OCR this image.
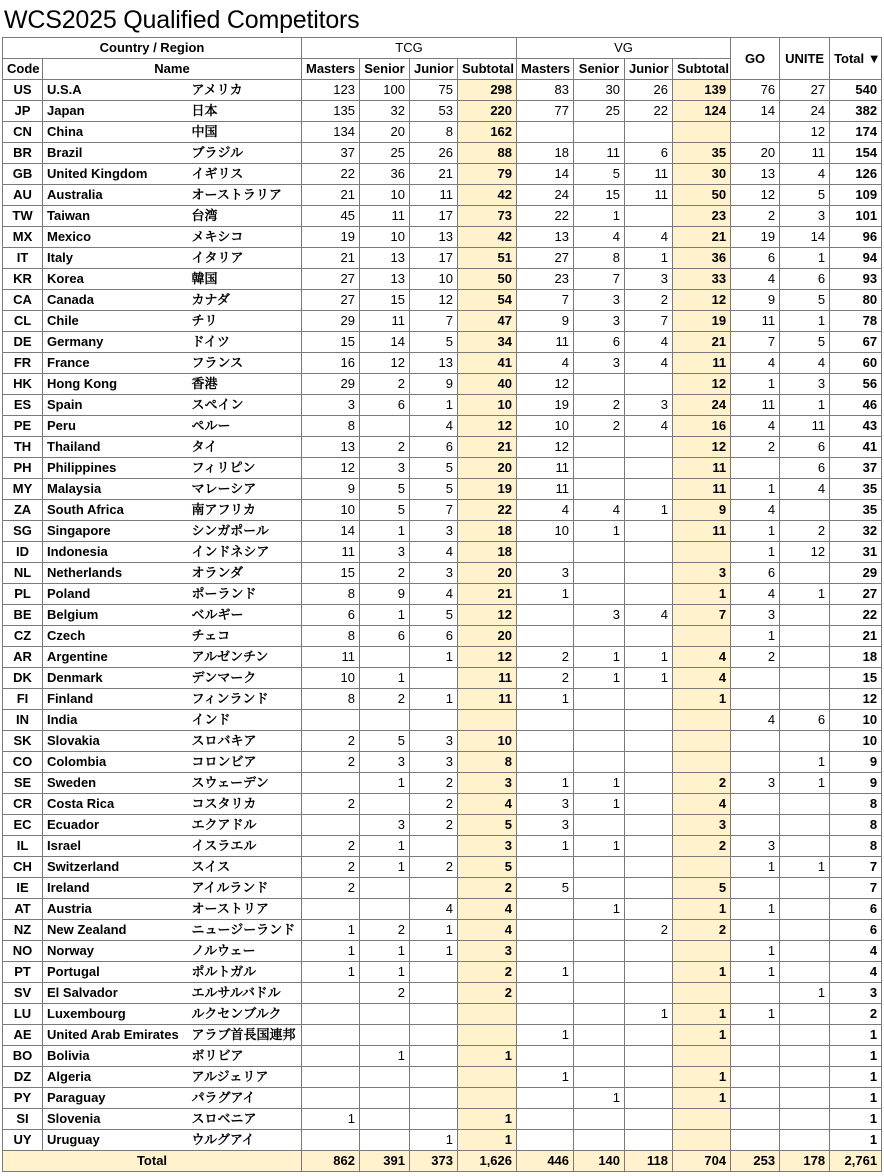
WCS2025 Qualified Competitors
Country / Region			TCG				VG				GO	UNITE	Total ▼
Code	Name		Masters	Senior	Junior	Subtotal	Masters	Senior	Junior	Subtotal			
US	U.S.A	アメリカ	123	100	75	298	83	30	26	139	76	27	540
JP	Japan	日本	135	32	53	220	77	25	22	124	14	24	382
CN	China	中国	134	20	8	162						12	174
BR	Brazil	ブラジル	37	25	26	88	18	11	6	35	20	11	154
GB	United Kingdom	イギリス	22	36	21	79	14	5	11	30	13	4	126
AU	Australia	オーストラリア	21	10	11	42	24	15	11	50	12	5	109
TW	Taiwan	台湾	45	11	17	73	22	1		23	2	3	101
MX	Mexico	メキシコ	19	10	13	42	13	4	4	21	19	14	96
IT	Italy	イタリア	21	13	17	51	27	8	1	36	6	1	94
KR	Korea	韓国	27	13	10	50	23	7	3	33	4	6	93
CA	Canada	カナダ	27	15	12	54	7	3	2	12	9	5	80
CL	Chile	チリ	29	11	7	47	9	3	7	19	11	1	78
DE	Germany	ドイツ	15	14	5	34	11	6	4	21	7	5	67
FR	France	フランス	16	12	13	41	4	3	4	11	4	4	60
HK	Hong Kong	香港	29	2	9	40	12			12	1	3	56
ES	Spain	スペイン	3	6	1	10	19	2	3	24	11	1	46
PE	Peru	ペルー	8		4	12	10	2	4	16	4	11	43
TH	Thailand	タイ	13	2	6	21	12			12	2	6	41
PH	Philippines	フィリピン	12	3	5	20	11			11		6	37
MY	Malaysia	マレーシア	9	5	5	19	11			11	1	4	35
ZA	South Africa	南アフリカ	10	5	7	22	4	4	1	9	4		35
SG	Singapore	シンガポール	14	1	3	18	10	1		11	1	2	32
ID	Indonesia	インドネシア	11	3	4	18					1	12	31
NL	Netherlands	オランダ	15	2	3	20	3			3	6		29
PL	Poland	ポーランド	8	9	4	21	1			1	4	1	27
BE	Belgium	ベルギー	6	1	5	12		3	4	7	3		22
CZ	Czech	チェコ	8	6	6	20					1		21
AR	Argentine	アルゼンチン	11		1	12	2	1	1	4	2		18
DK	Denmark	デンマーク	10	1		11	2	1	1	4			15
FI	Finland	フィンランド	8	2	1	11	1			1			12
IN	India	インド									4	6	10
SK	Slovakia	スロバキア	2	5	3	10							10
CO	Colombia	コロンビア	2	3	3	8						1	9
SE	Sweden	スウェーデン		1	2	3	1	1		2	3	1	9
CR	Costa Rica	コスタリカ	2		2	4	3	1		4			8
EC	Ecuador	エクアドル		3	2	5	3			3			8
IL	Israel	イスラエル	2	1		3	1	1		2	3		8
CH	Switzerland	スイス	2	1	2	5					1	1	7
IE	Ireland	アイルランド	2			2	5			5			7
AT	Austria	オーストリア			4	4		1		1	1		6
NZ	New Zealand	ニュージーランド	1	2	1	4			2	2			6
NO	Norway	ノルウェー	1	1	1	3					1		4
PT	Portugal	ポルトガル	1	1		2	1			1	1		4
SV	El Salvador	エルサルバドル		2		2						1	3
LU	Luxembourg	ルクセンブルク							1	1	1		2
AE	United Arab Emirates	アラブ首長国連邦					1			1			1
BO	Bolivia	ボリビア		1		1							1
DZ	Algeria	アルジェリア					1			1			1
PY	Paraguay	パラグアイ						1		1			1
SI	Slovenia	スロベニア	1			1							1
UY	Uruguay	ウルグアイ			1	1							1
Total			862	391	373	1,626	446	140	118	704	253	178	2,761
